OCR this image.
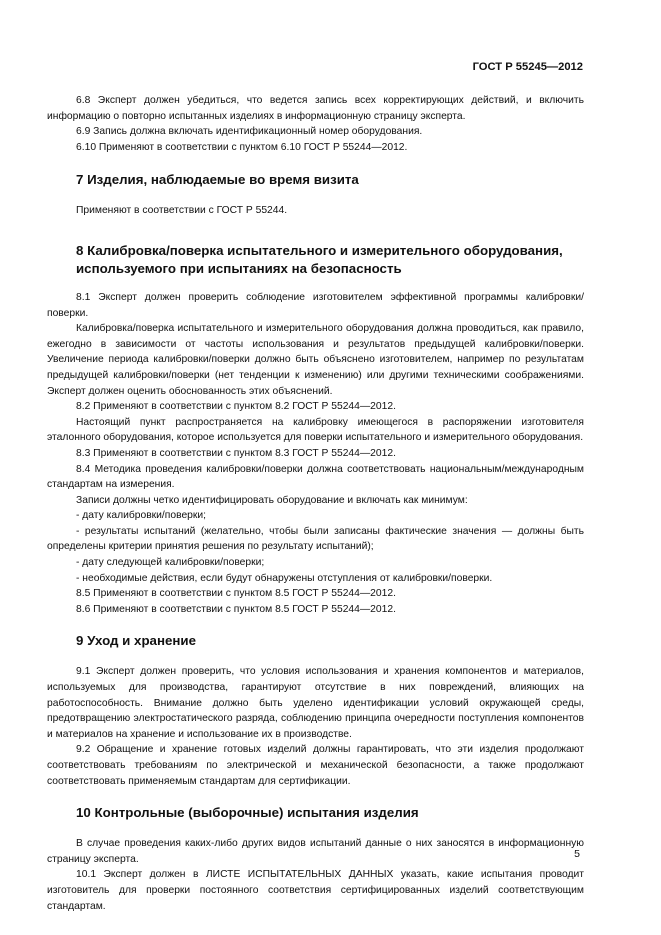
ГОСТ Р 55245—2012

6.8 Эксперт должен убедиться, что ведется запись всех корректирующих действий, и включить информацию о повторно испытанных изделиях в информационную страницу эксперта.

6.9 Запись должна включать идентификационный номер оборудования.

6.10 Применяют в соответствии с пунктом 6.10 ГОСТ Р 55244—2012.

7 Изделия, наблюдаемые во время визита

Применяют в соответствии с ГОСТ Р 55244.

8 Калибровка/поверка испытательного и измерительного оборудования, используемого при испытаниях на безопасность

8.1 Эксперт должен проверить соблюдение изготовителем эффективной программы калибровки/поверки.

Калибровка/поверка испытательного и измерительного оборудования должна проводиться, как правило, ежегодно в зависимости от частоты использования и результатов предыдущей калибровки/поверки. Увеличение периода калибровки/поверки должно быть объяснено изготовителем, например по результатам предыдущей калибровки/поверки (нет тенденции к изменению) или другими техническими соображениями. Эксперт должен оценить обоснованность этих объяснений.

8.2 Применяют в соответствии с пунктом 8.2 ГОСТ Р 55244—2012.

Настоящий пункт распространяется на калибровку имеющегося в распоряжении изготовителя эталонного оборудования, которое используется для поверки испытательного и измерительного оборудования.

8.3 Применяют в соответствии с пунктом 8.3 ГОСТ Р 55244—2012.

8.4 Методика проведения калибровки/поверки должна соответствовать национальным/международным стандартам на измерения.

Записи должны четко идентифицировать оборудование и включать как минимум:

- дату калибровки/поверки;

- результаты испытаний (желательно, чтобы были записаны фактические значения — должны быть определены критерии принятия решения по результату испытаний);

- дату следующей калибровки/поверки;

- необходимые действия, если будут обнаружены отступления от калибровки/поверки.

8.5 Применяют в соответствии с пунктом 8.5 ГОСТ Р 55244—2012.

8.6 Применяют в соответствии с пунктом 8.5 ГОСТ Р 55244—2012.

9 Уход и хранение

9.1 Эксперт должен проверить, что условия использования и хранения компонентов и материалов, используемых для производства, гарантируют отсутствие в них повреждений, влияющих на работоспособность. Внимание должно быть уделено идентификации условий окружающей среды, предотвращению электростатического разряда, соблюдению принципа очередности поступления компонентов и материалов на хранение и использование их в производстве.

9.2 Обращение и хранение готовых изделий должны гарантировать, что эти изделия продолжают соответствовать требованиям по электрической и механической безопасности, а также продолжают соответствовать применяемым стандартам для сертификации.

10 Контрольные (выборочные) испытания изделия

В случае проведения каких-либо других видов испытаний данные о них заносятся в информационную страницу эксперта.

10.1 Эксперт должен в ЛИСТЕ ИСПЫТАТЕЛЬНЫХ ДАННЫХ указать, какие испытания проводит изготовитель для проверки постоянного соответствия сертифицированных изделий соответствующим стандартам.

5
